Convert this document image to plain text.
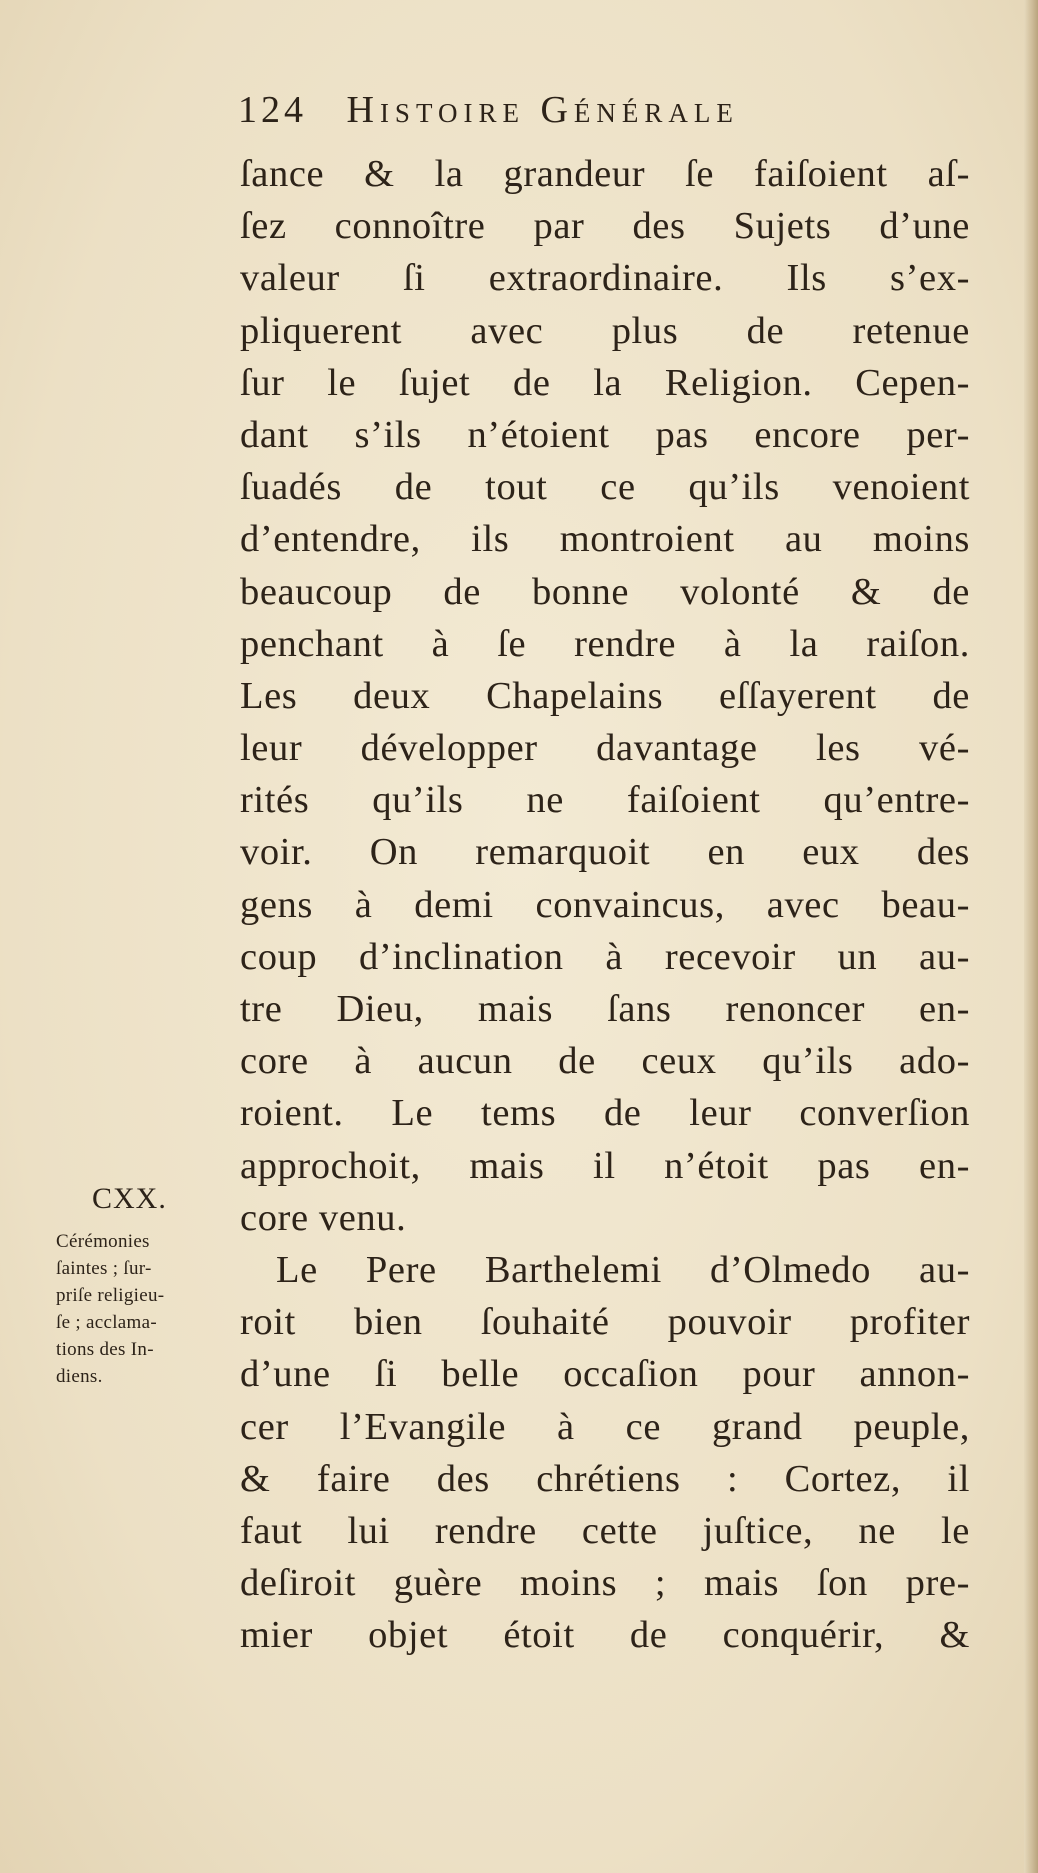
124 Histoire Générale
CXX.
Cérémonies
ſaintes ; ſur-
priſe religieu-
ſe ; acclama-
tions des In-
diens.
ſance & la grandeur ſe faiſoient aſ-
ſez connoître par des Sujets d’une
valeur ſi extraordinaire. Ils s’ex-
pliquerent avec plus de retenue
ſur le ſujet de la Religion. Cepen-
dant s’ils n’étoient pas encore per-
ſuadés de tout ce qu’ils venoient
d’entendre, ils montroient au moins
beaucoup de bonne volonté & de
penchant à ſe rendre à la raiſon.
Les deux Chapelains eſſayerent de
leur développer davantage les vé-
rités qu’ils ne faiſoient qu’entre-
voir. On remarquoit en eux des
gens à demi convaincus, avec beau-
coup d’inclination à recevoir un au-
tre Dieu, mais ſans renoncer en-
core à aucun de ceux qu’ils ado-
roient. Le tems de leur converſion
approchoit, mais il n’étoit pas en-
core venu.
Le Pere Barthelemi d’Olmedo au-
roit bien ſouhaité pouvoir profiter
d’une ſi belle occaſion pour annon-
cer l’Evangile à ce grand peuple,
& faire des chrétiens : Cortez, il
faut lui rendre cette juſtice, ne le
deſiroit guère moins ; mais ſon pre-
mier objet étoit de conquérir, &
